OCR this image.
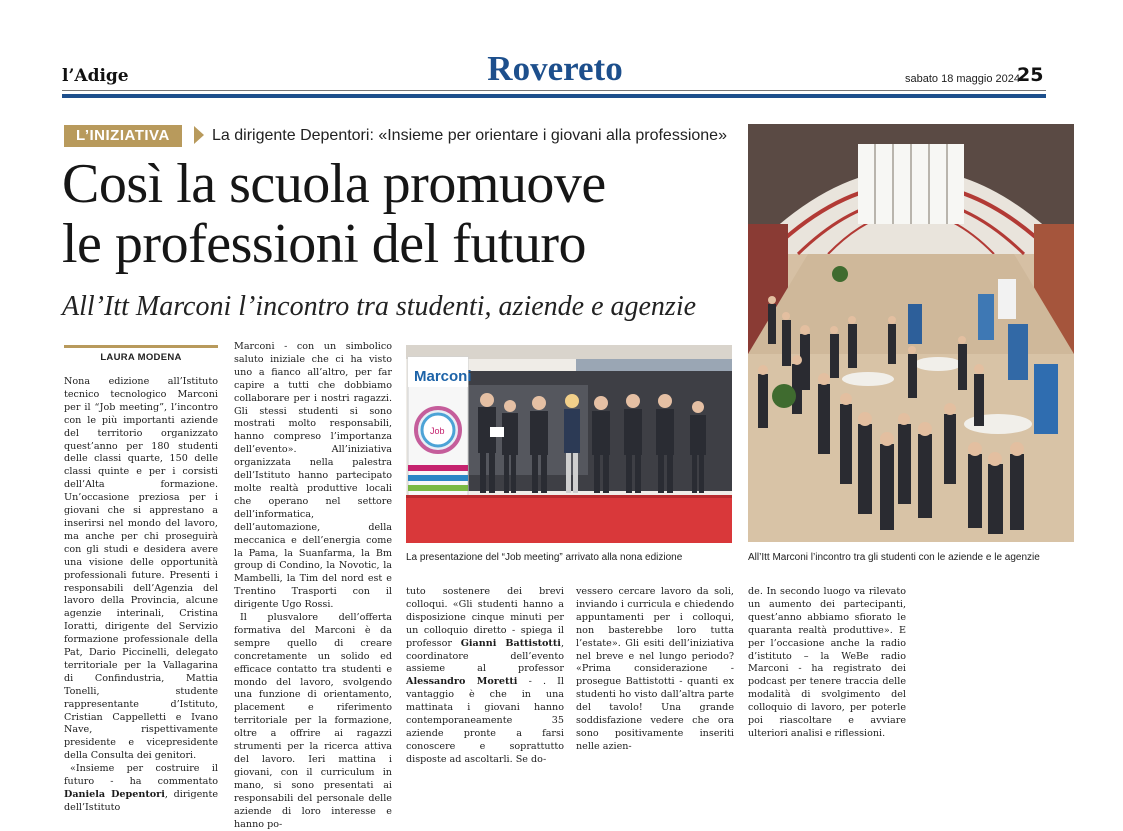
l’Adige	Rovereto	sabato 18 maggio 2024
25
L’INIZIATIVA	La dirigente Depentori: «Insieme per orientare i giovani alla professione»
Così la scuola promuove
le professioni del futuro
All’Itt Marconi l’incontro tra studenti, aziende e agenzie
LAURA MODENA

Nona edizione all’Istituto tecnico tecnologico Marconi per il “Job meeting”, l’incontro con le più importanti aziende del territorio organizzato quest’anno per 180 studenti delle classi quarte, 150 delle classi quinte e per i corsisti dell’Alta formazione. Un’occasione preziosa per i giovani che si apprestano a inserirsi nel mondo del lavoro, ma anche per chi proseguirà con gli studi e desidera avere una visione delle opportunità professionali future. Presenti i responsabili dell’Agenzia del lavoro della Provincia, alcune agenzie interinali, Cristina Ioratti, dirigente del Servizio formazione professionale della Pat, Dario Piccinelli, delegato territoriale per la Vallagarina di Confindustria, Mattia Tonelli, studente rappresentante d’Istituto, Cristian Cappelletti e Ivano Nave, rispettivamente presidente e vicepresidente della Consulta dei genitori.

«Insieme per costruire il futuro - ha commentato Daniela Depentori, dirigente dell’Istituto

Marconi - con un simbolico saluto iniziale che ci ha visto uno a fianco all’altro, per far capire a tutti che dobbiamo collaborare per i nostri ragazzi. Gli stessi studenti si sono mostrati molto responsabili, hanno compreso l’importanza dell’evento». All’iniziativa organizzata nella palestra dell’Istituto hanno partecipato molte realtà produttive locali che operano nel settore dell’informatica, dell’automazione, della meccanica e dell’energia come la Pama, la Suanfarma, la Bm group di Condino, la Novotic, la Mambelli, la Tim del nord est e Trentino Trasporti con il dirigente Ugo Rossi.

Il plusvalore dell’offerta formativa del Marconi è da sempre quello di creare concretamente un solido ed efficace contatto tra studenti e mondo del lavoro, svolgendo una funzione di orientamento, placement e riferimento territoriale per la formazione, oltre a offrire ai ragazzi strumenti per la ricerca attiva del lavoro. Ieri mattina i giovani, con il curriculum in mano, si sono presentati ai responsabili del personale delle aziende di loro interesse e hanno po-

Marconi
Job
La presentazione del “Job meeting” arrivato alla nona edizione	All’Itt Marconi l’incontro tra gli studenti con le aziende e le agenzie

tuto sostenere dei brevi colloqui. «Gli studenti hanno a disposizione cinque minuti per un colloquio diretto - spiega il professor Gianni Battistotti, coordinatore dell’evento assieme al professor Alessandro Moretti - . Il vantaggio è che in una mattinata i giovani hanno contemporaneamente 35 aziende pronte a farsi conoscere e soprattutto disposte ad ascoltarli. Se do-

vessero cercare lavoro da soli, inviando i curricula e chiedendo appuntamenti per i colloqui, non basterebbe loro tutta l’estate». Gli esiti dell’iniziativa nel breve e nel lungo periodo? «Prima considerazione - prosegue Battistotti - quanti ex studenti ho visto dall’altra parte del tavolo! Una grande soddisfazione vedere che ora sono positivamente inseriti nelle azien-

de. In secondo luogo va rilevato un aumento dei partecipanti, quest’anno abbiamo sfiorato le quaranta realtà produttive». E per l’occasione anche la radio d’istituto – la WeBe radio Marconi - ha registrato dei podcast per tenere traccia delle modalità di svolgimento del colloquio di lavoro, per poterle poi riascoltare e avviare ulteriori analisi e riflessioni.
